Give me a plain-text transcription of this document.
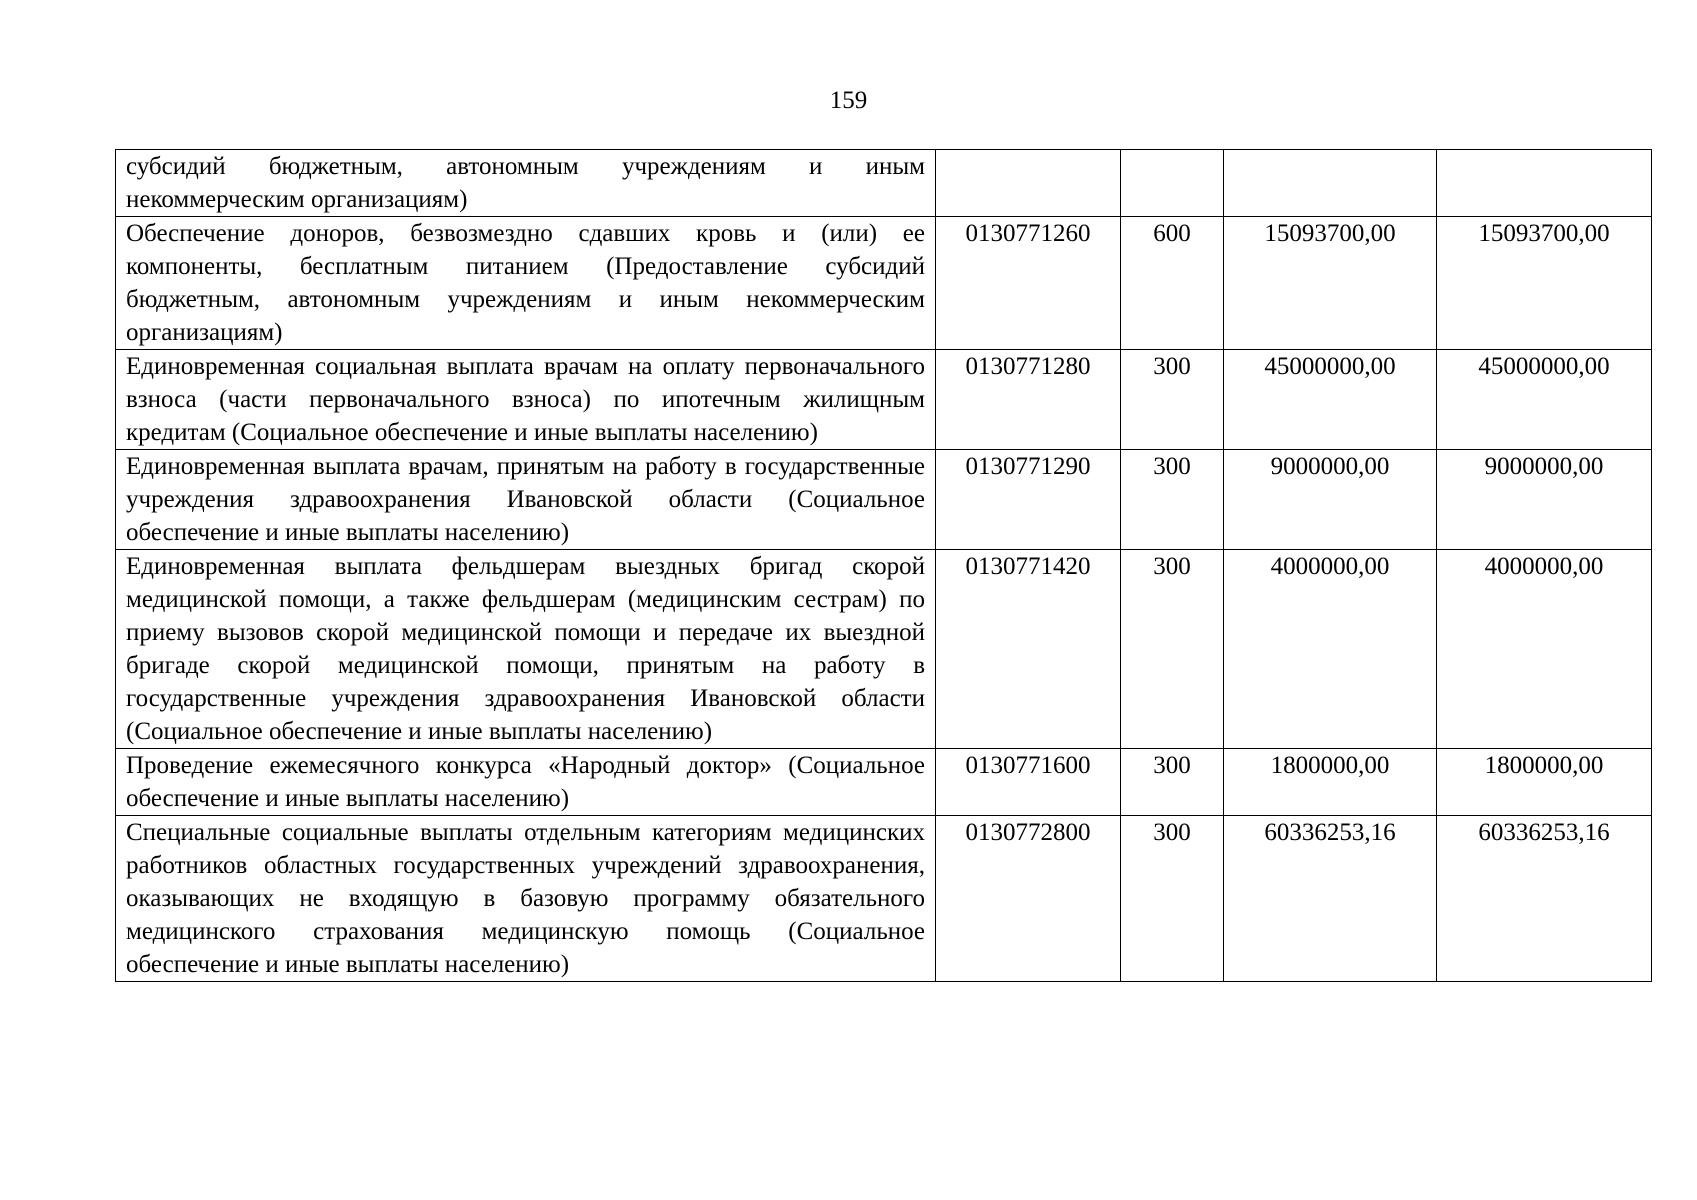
159
субсидий бюджетным, автономным учреждениям и иным некоммерческим организациям)				
Обеспечение доноров, безвозмездно сдавших кровь и (или) ее компоненты, бесплатным питанием (Предоставление субсидий бюджетным, автономным учреждениям и иным некоммерческим организациям)	0130771260	600	15093700,00	15093700,00
Единовременная социальная выплата врачам на оплату первоначального взноса (части первоначального взноса) по ипотечным жилищным кредитам (Социальное обеспечение и иные выплаты населению)	0130771280	300	45000000,00	45000000,00
Единовременная выплата врачам, принятым на работу в государственные учреждения здравоохранения Ивановской области (Социальное обеспечение и иные выплаты населению)	0130771290	300	9000000,00	9000000,00
Единовременная выплата фельдшерам выездных бригад скорой медицинской помощи, а также фельдшерам (медицинским сестрам) по приему вызовов скорой медицинской помощи и передаче их выездной бригаде скорой медицинской помощи, принятым на работу в государственные учреждения здравоохранения Ивановской области (Социальное обеспечение и иные выплаты населению)	0130771420	300	4000000,00	4000000,00
Проведение ежемесячного конкурса «Народный доктор» (Социальное обеспечение и иные выплаты населению)	0130771600	300	1800000,00	1800000,00
Специальные социальные выплаты отдельным категориям медицинских работников областных государственных учреждений здравоохранения, оказывающих не входящую в базовую программу обязательного медицинского страхования медицинскую помощь (Социальное обеспечение и иные выплаты населению)	0130772800	300	60336253,16	60336253,16
